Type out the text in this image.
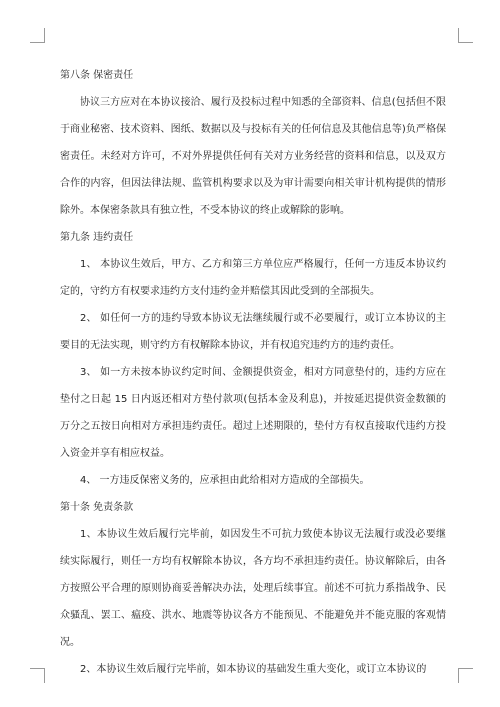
第八条 保密责任

协议三方应对在本协议接洽、履行及投标过程中知悉的全部资料、信息(包括但不限于商业秘密、技术资料、图纸、数据以及与投标有关的任何信息及其他信息等)负严格保密责任。未经对方许可，不对外界提供任何有关对方业务经营的资料和信息，以及双方合作的内容，但因法律法规、监管机构要求以及为审计需要向相关审计机构提供的情形除外。本保密条款具有独立性，不受本协议的终止或解除的影响。

第九条 违约责任

1、 本协议生效后，甲方、乙方和第三方单位应严格履行，任何一方违反本协议约定的，守约方有权要求违约方支付违约金并赔偿其因此受到的全部损失。

2、 如任何一方的违约导致本协议无法继续履行或不必要履行，或订立本协议的主要目的无法实现，则守约方有权解除本协议，并有权追究违约方的违约责任。

3、 如一方未按本协议约定时间、金额提供资金，相对方同意垫付的，违约方应在垫付之日起 15 日内返还相对方垫付款项(包括本金及利息)，并按延迟提供资金数额的万分之五按日向相对方承担违约责任。超过上述期限的，垫付方有权直接取代违约方投入资金并享有相应权益。

4、 一方违反保密义务的，应承担由此给相对方造成的全部损失。

第十条 免责条款

1、本协议生效后履行完毕前，如因发生不可抗力致使本协议无法履行或没必要继续实际履行，则任一方均有权解除本协议，各方均不承担违约责任。协议解除后，由各方按照公平合理的原则协商妥善解决办法，处理后续事宜。前述不可抗力系指战争、民众骚乱、罢工、瘟疫、洪水、地震等协议各方不能预见、不能避免并不能克服的客观情况。

2、本协议生效后履行完毕前，如本协议的基础发生重大变化，或订立本协议的
